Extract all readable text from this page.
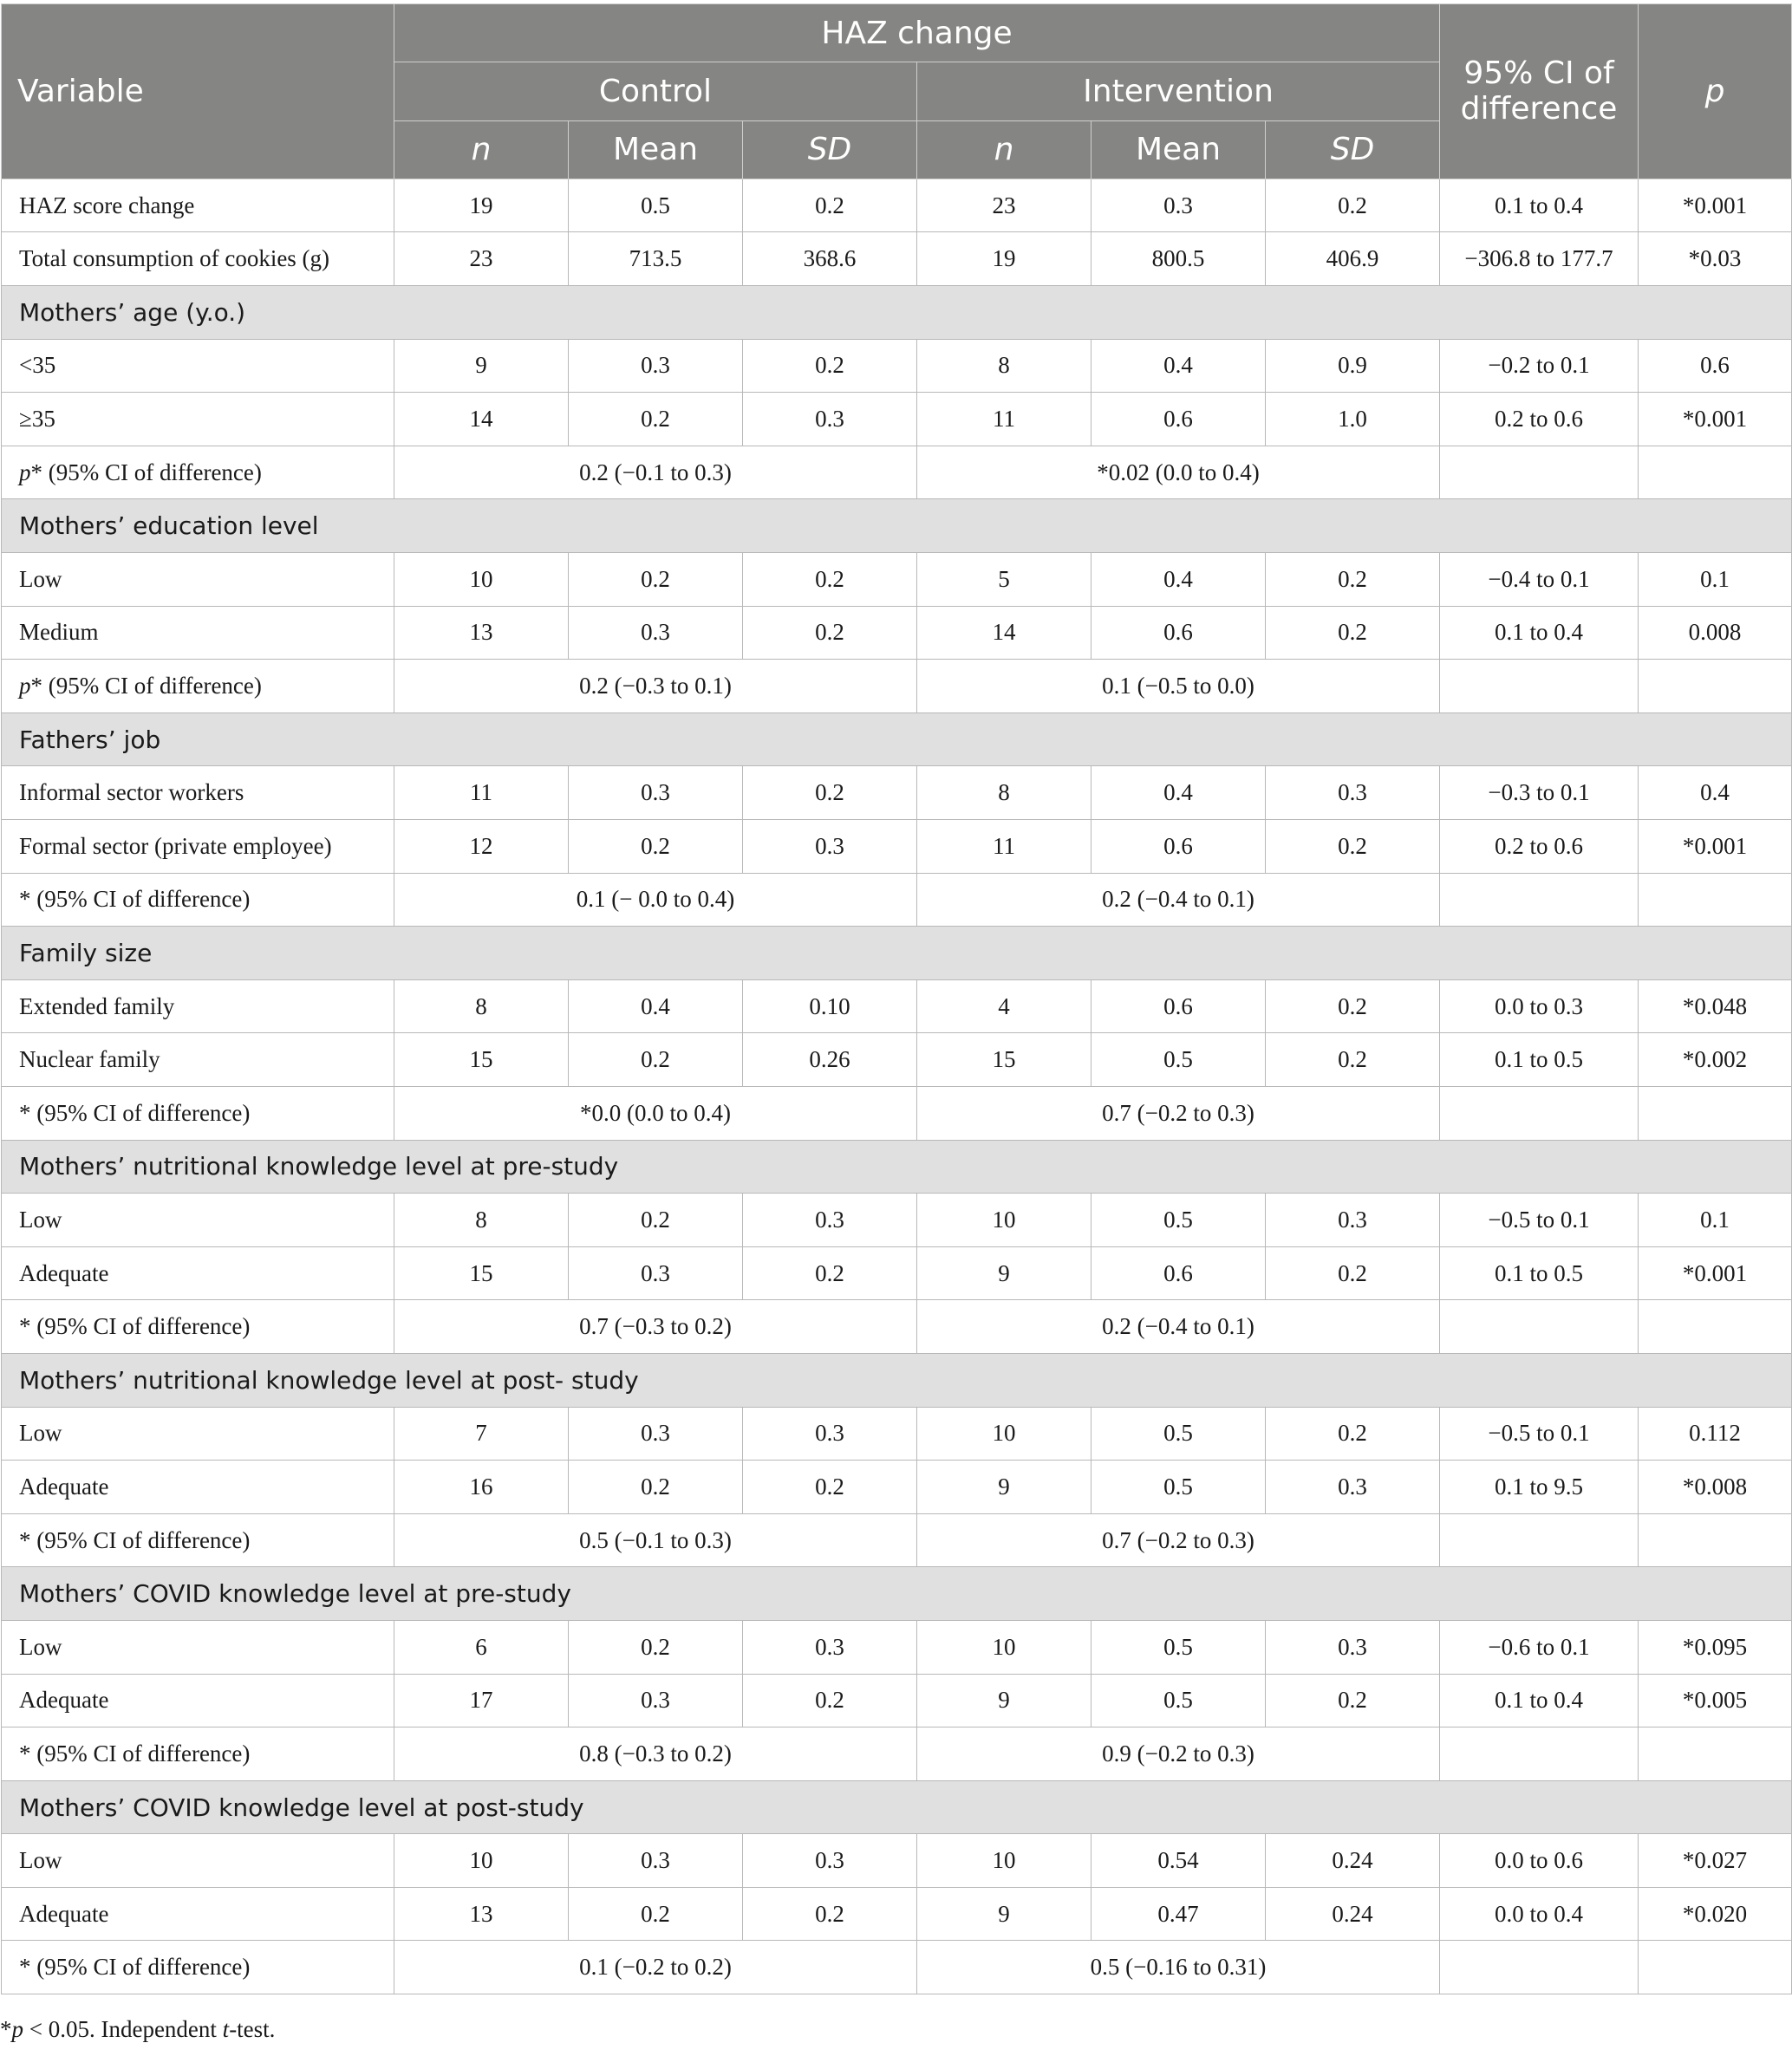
Variable	HAZ change						95% CI of
difference	p
	Control			Intervention				
	n	Mean	SD	n	Mean	SD		
HAZ score change	19	0.5	0.2	23	0.3	0.2	0.1 to 0.4	*0.001
Total consumption of cookies (g)	23	713.5	368.6	19	800.5	406.9	−306.8 to 177.7	*0.03
Mothers’ age (y.o.)								
<35	9	0.3	0.2	8	0.4	0.9	−0.2 to 0.1	0.6
≥35	14	0.2	0.3	11	0.6	1.0	0.2 to 0.6	*0.001
p* (95% CI of difference)	0.2 (−0.1 to 0.3)			*0.02 (0.0 to 0.4)				
Mothers’ education level								
Low	10	0.2	0.2	5	0.4	0.2	−0.4 to 0.1	0.1
Medium	13	0.3	0.2	14	0.6	0.2	0.1 to 0.4	0.008
p* (95% CI of difference)	0.2 (−0.3 to 0.1)			0.1 (−0.5 to 0.0)				
Fathers’ job								
Informal sector workers	11	0.3	0.2	8	0.4	0.3	−0.3 to 0.1	0.4
Formal sector (private employee)	12	0.2	0.3	11	0.6	0.2	0.2 to 0.6	*0.001
* (95% CI of difference)	0.1 (− 0.0 to 0.4)			0.2 (−0.4 to 0.1)				
Family size								
Extended family	8	0.4	0.10	4	0.6	0.2	0.0 to 0.3	*0.048
Nuclear family	15	0.2	0.26	15	0.5	0.2	0.1 to 0.5	*0.002
* (95% CI of difference)	*0.0 (0.0 to 0.4)			0.7 (−0.2 to 0.3)				
Mothers’ nutritional knowledge level at pre-study								
Low	8	0.2	0.3	10	0.5	0.3	−0.5 to 0.1	0.1
Adequate	15	0.3	0.2	9	0.6	0.2	0.1 to 0.5	*0.001
* (95% CI of difference)	0.7 (−0.3 to 0.2)			0.2 (−0.4 to 0.1)				
Mothers’ nutritional knowledge level at post- study								
Low	7	0.3	0.3	10	0.5	0.2	−0.5 to 0.1	0.112
Adequate	16	0.2	0.2	9	0.5	0.3	0.1 to 9.5	*0.008
* (95% CI of difference)	0.5 (−0.1 to 0.3)			0.7 (−0.2 to 0.3)				
Mothers’ COVID knowledge level at pre-study								
Low	6	0.2	0.3	10	0.5	0.3	−0.6 to 0.1	*0.095
Adequate	17	0.3	0.2	9	0.5	0.2	0.1 to 0.4	*0.005
* (95% CI of difference)	0.8 (−0.3 to 0.2)			0.9 (−0.2 to 0.3)				
Mothers’ COVID knowledge level at post-study								
Low	10	0.3	0.3	10	0.54	0.24	0.0 to 0.6	*0.027
Adequate	13	0.2	0.2	9	0.47	0.24	0.0 to 0.4	*0.020
* (95% CI of difference)	0.1 (−0.2 to 0.2)			0.5 (−0.16 to 0.31)				
*p < 0.05. Independent t-test.
